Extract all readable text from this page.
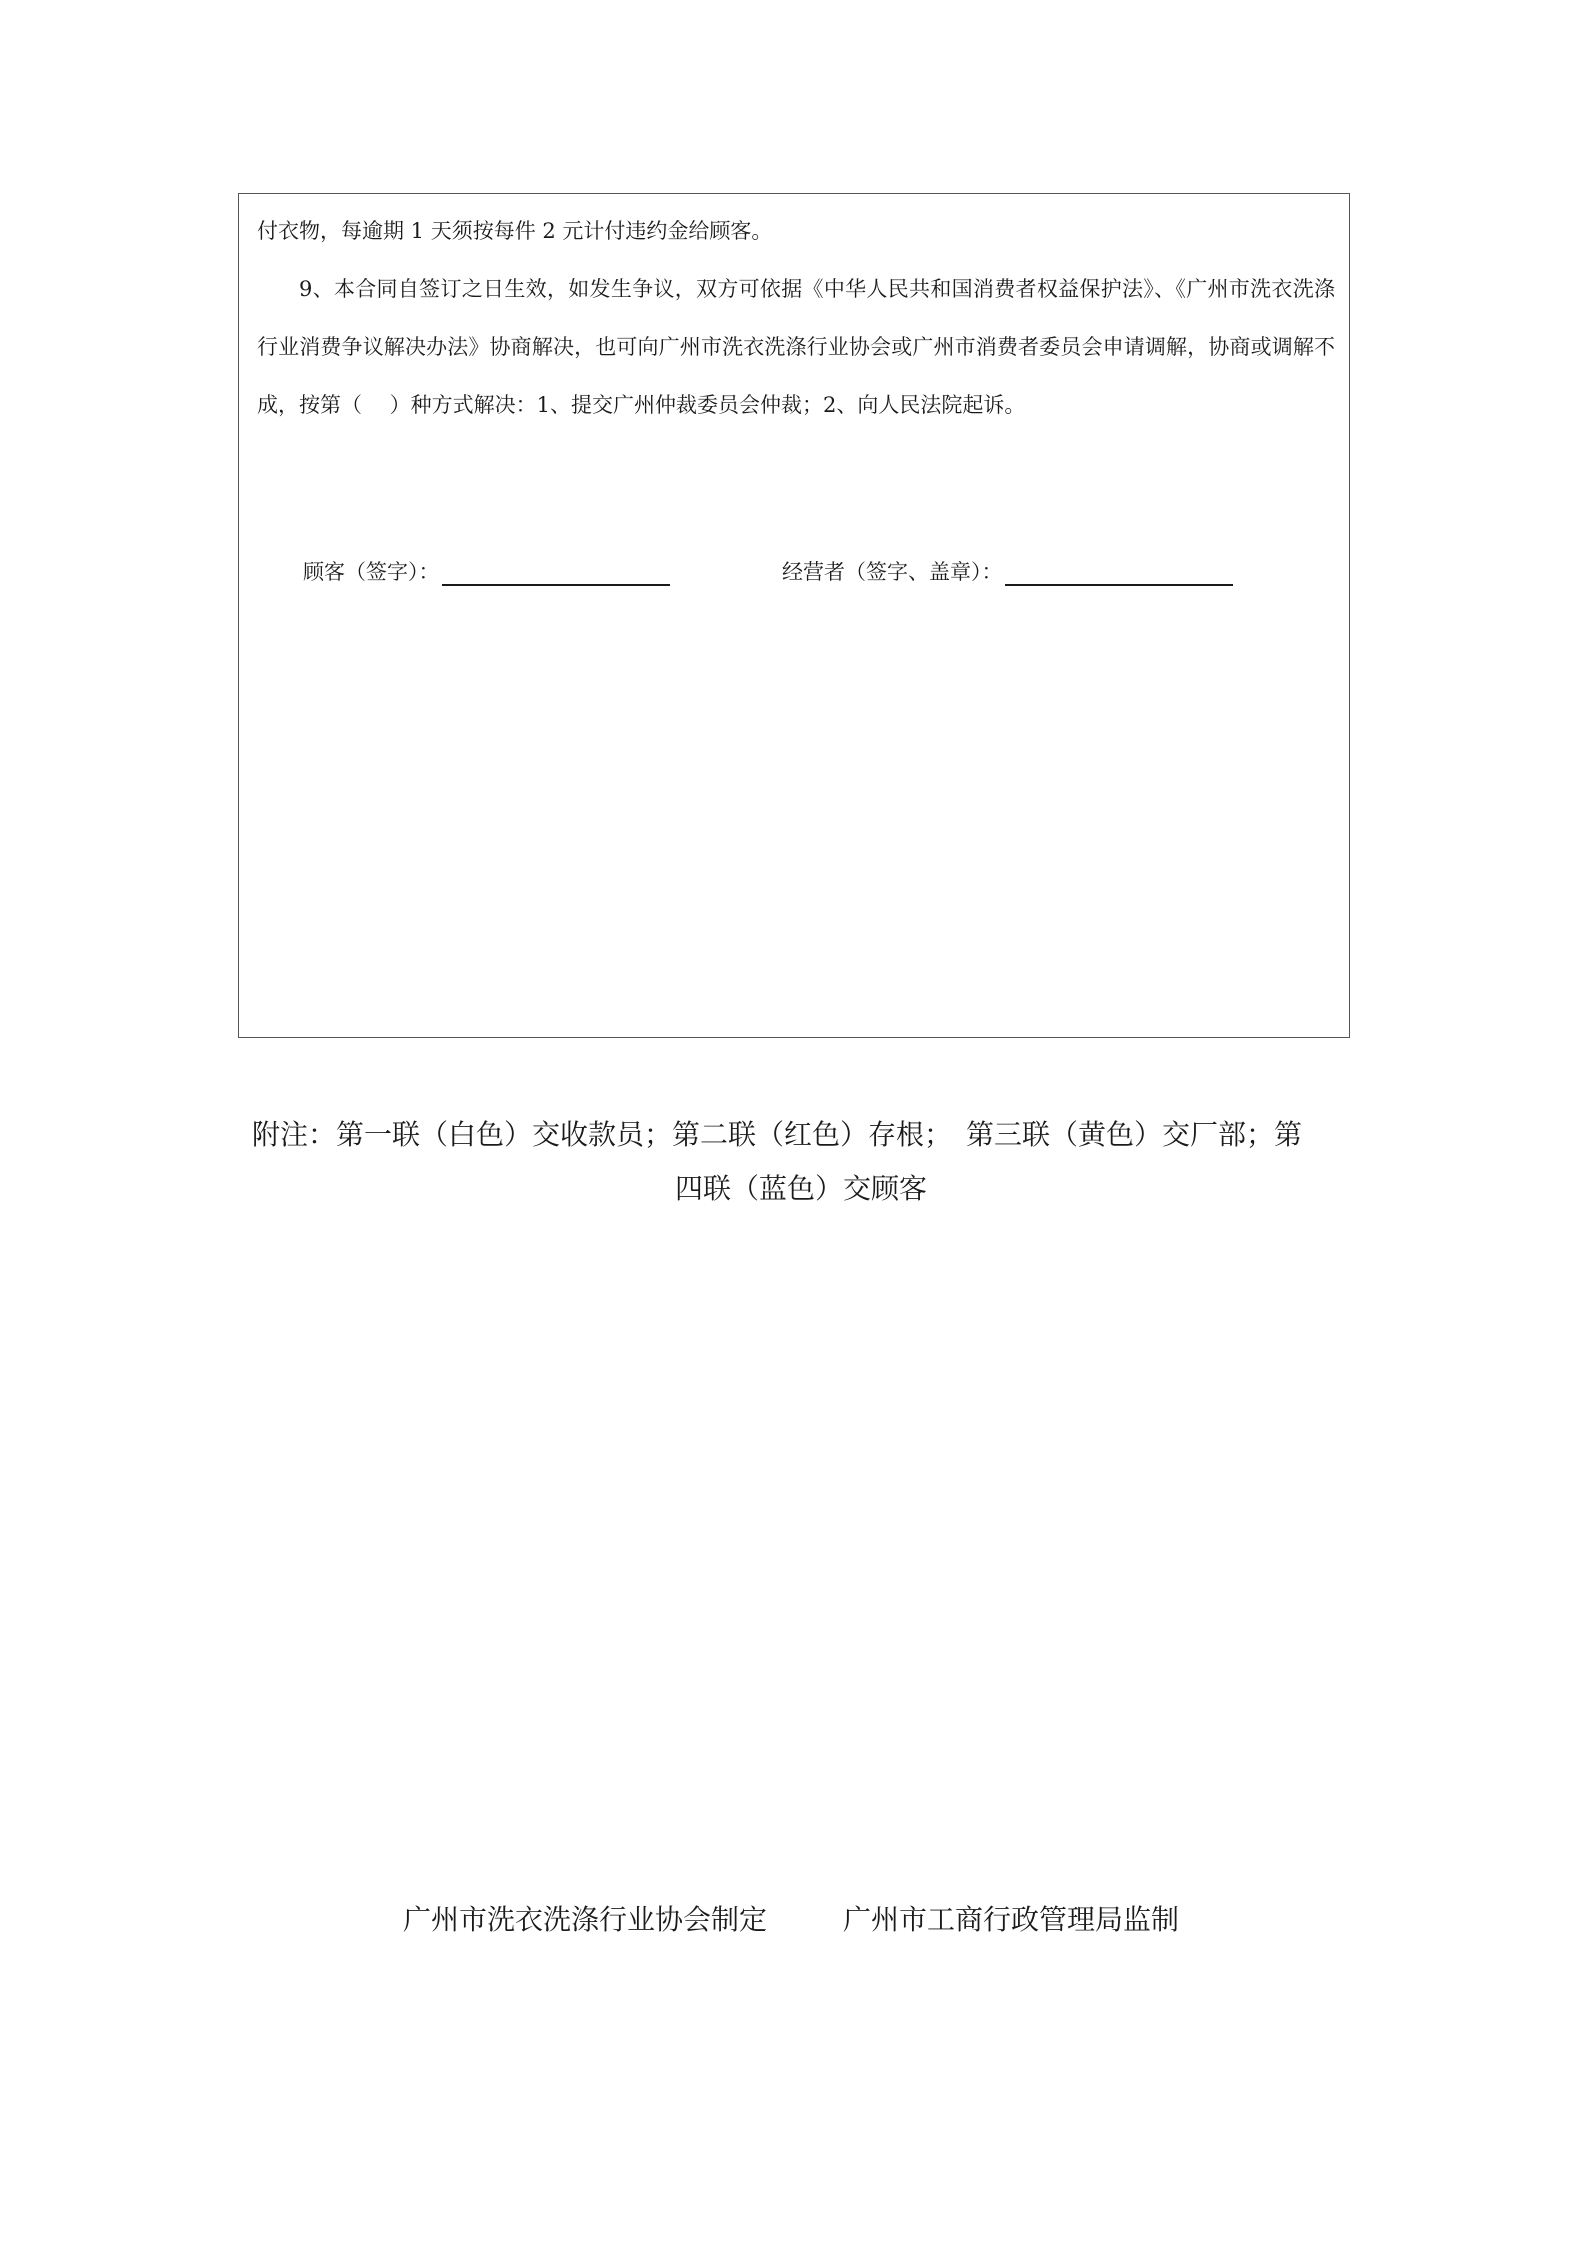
付衣物，每逾期 1 天须按每件 2 元计付违约金给顾客。

9、本合同自签订之日生效，如发生争议，双方可依据《中华人民共和国消费者权益保护法》、《广州市洗衣洗涤行业消费争议解决办法》协商解决，也可向广州市洗衣洗涤行业协会或广州市消费者委员会申请调解，协商或调解不成，按第（　 ）种方式解决：1、提交广州仲裁委员会仲裁；2、向人民法院起诉。

顾客（签字）：	经营者（签字、盖章）：

附注：第一联（白色）交收款员；第二联（红色）存根；　第三联（黄色）交厂部；第
四联（蓝色）交顾客

广州市洗衣洗涤行业协会制定	广州市工商行政管理局监制
